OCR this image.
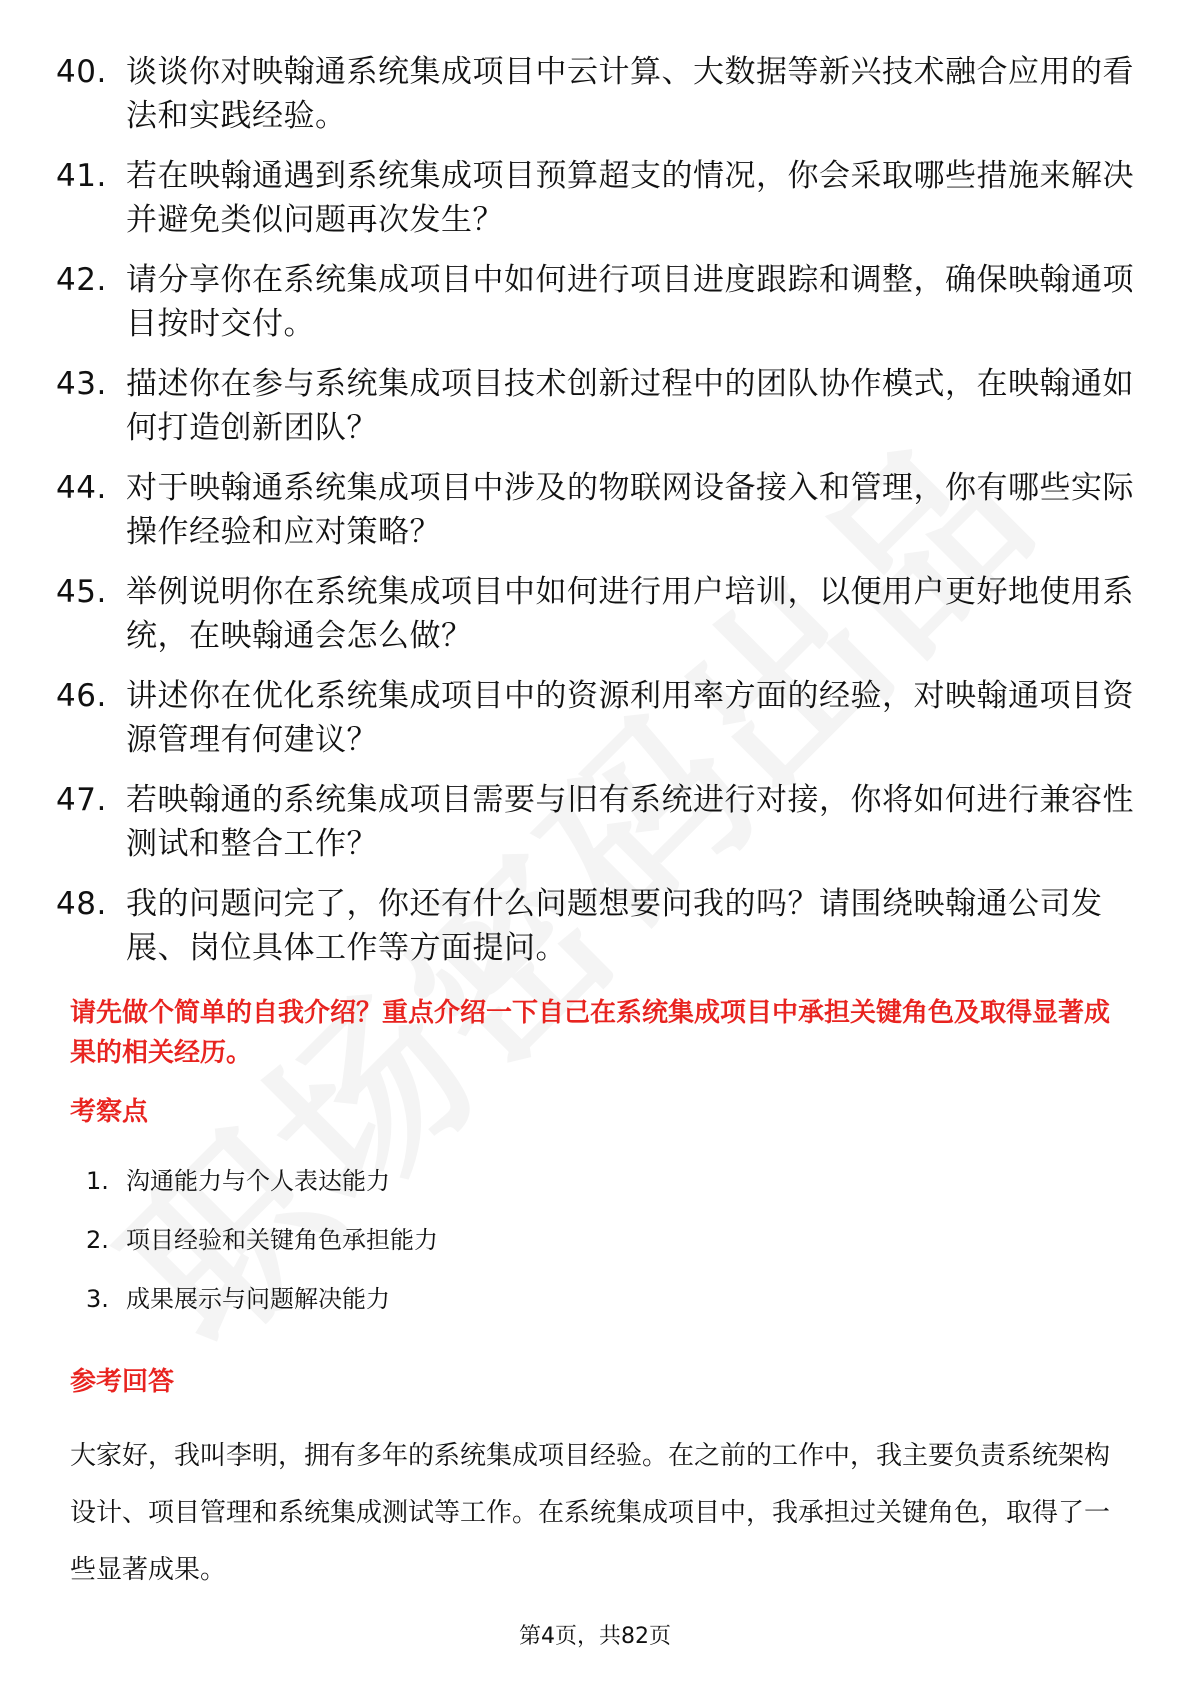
40. 谈谈你对映翰通系统集成项目中云计算、大数据等新兴技术融合应用的看法和实践经验。
41. 若在映翰通遇到系统集成项目预算超支的情况，你会采取哪些措施来解决并避免类似问题再次发生？
42. 请分享你在系统集成项目中如何进行项目进度跟踪和调整，确保映翰通项目按时交付。
43. 描述你在参与系统集成项目技术创新过程中的团队协作模式，在映翰通如何打造创新团队？
44. 对于映翰通系统集成项目中涉及的物联网设备接入和管理，你有哪些实际操作经验和应对策略？
45. 举例说明你在系统集成项目中如何进行用户培训，以便用户更好地使用系统，在映翰通会怎么做？
46. 讲述你在优化系统集成项目中的资源利用率方面的经验，对映翰通项目资源管理有何建议？
47. 若映翰通的系统集成项目需要与旧有系统进行对接，你将如何进行兼容性测试和整合工作？
48. 我的问题问完了，你还有什么问题想要问我的吗？请围绕映翰通公司发展、岗位具体工作等方面提问。

请先做个简单的自我介绍？重点介绍一下自己在系统集成项目中承担关键角色及取得显著成果的相关经历。

考察点

1. 沟通能力与个人表达能力
2. 项目经验和关键角色承担能力
3. 成果展示与问题解决能力

参考回答

大家好，我叫李明，拥有多年的系统集成项目经验。在之前的工作中，我主要负责系统架构设计、项目管理和系统集成测试等工作。在系统集成项目中，我承担过关键角色，取得了一些显著成果。

第4页，共82页
